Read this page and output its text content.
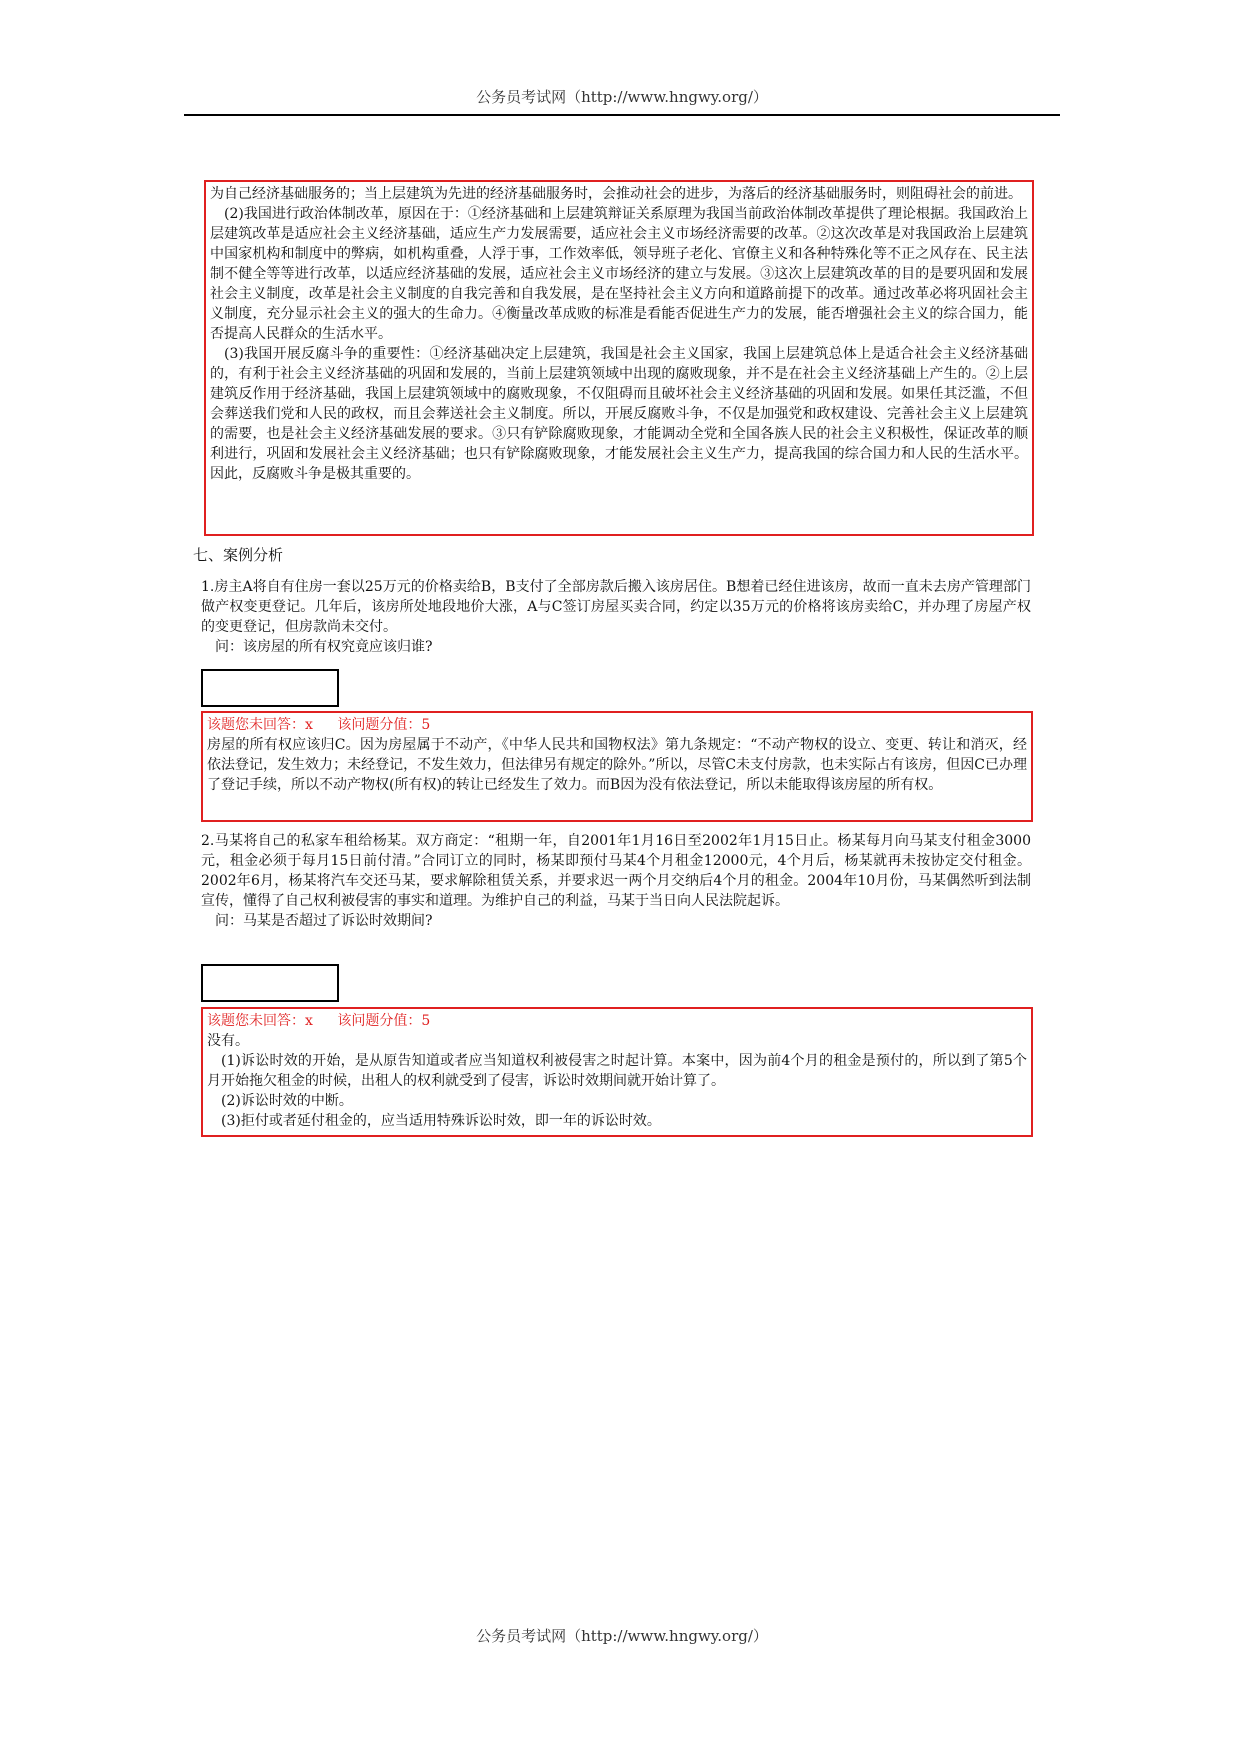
公务员考试网（http://www.hngwy.org/）

为自己经济基础服务的；当上层建筑为先进的经济基础服务时，会推动社会的进步，为落后的经济基础服务时，则阻碍社会的前进。

(2)我国进行政治体制改革，原因在于：①经济基础和上层建筑辩证关系原理为我国当前政治体制改革提供了理论根据。我国政治上层建筑改革是适应社会主义经济基础，适应生产力发展需要，适应社会主义市场经济需要的改革。②这次改革是对我国政治上层建筑中国家机构和制度中的弊病，如机构重叠，人浮于事，工作效率低，领导班子老化、官僚主义和各种特殊化等不正之风存在、民主法制不健全等等进行改革，以适应经济基础的发展，适应社会主义市场经济的建立与发展。③这次上层建筑改革的目的是要巩固和发展社会主义制度，改革是社会主义制度的自我完善和自我发展，是在坚持社会主义方向和道路前提下的改革。通过改革必将巩固社会主义制度，充分显示社会主义的强大的生命力。④衡量改革成败的标准是看能否促进生产力的发展，能否增强社会主义的综合国力，能否提高人民群众的生活水平。

(3)我国开展反腐斗争的重要性：①经济基础决定上层建筑，我国是社会主义国家，我国上层建筑总体上是适合社会主义经济基础的，有利于社会主义经济基础的巩固和发展的，当前上层建筑领域中出现的腐败现象，并不是在社会主义经济基础上产生的。②上层建筑反作用于经济基础，我国上层建筑领域中的腐败现象，不仅阻碍而且破坏社会主义经济基础的巩固和发展。如果任其泛滥，不但会葬送我们党和人民的政权，而且会葬送社会主义制度。所以，开展反腐败斗争，不仅是加强党和政权建设、完善社会主义上层建筑的需要，也是社会主义经济基础发展的要求。③只有铲除腐败现象，才能调动全党和全国各族人民的社会主义积极性，保证改革的顺利进行，巩固和发展社会主义经济基础；也只有铲除腐败现象，才能发展社会主义生产力，提高我国的综合国力和人民的生活水平。因此，反腐败斗争是极其重要的。

七、案例分析

1.房主A将自有住房一套以25万元的价格卖给B，B支付了全部房款后搬入该房居住。B想着已经住进该房，故而一直未去房产管理部门做产权变更登记。几年后，该房所处地段地价大涨，A与C签订房屋买卖合同，约定以35万元的价格将该房卖给C，并办理了房屋产权的变更登记，但房款尚未交付。

问：该房屋的所有权究竟应该归谁?

该题您未回答：x 该问题分值：5

房屋的所有权应该归C。因为房屋属于不动产，《中华人民共和国物权法》第九条规定：“不动产物权的设立、变更、转让和消灭，经依法登记，发生效力；未经登记，不发生效力，但法律另有规定的除外。”所以，尽管C未支付房款，也未实际占有该房，但因C已办理了登记手续，所以不动产物权(所有权)的转让已经发生了效力。而B因为没有依法登记，所以未能取得该房屋的所有权。

2.马某将自己的私家车租给杨某。双方商定：“租期一年，自2001年1月16日至2002年1月15日止。杨某每月向马某支付租金3000元，租金必须于每月15日前付清。”合同订立的同时，杨某即预付马某4个月租金12000元，4个月后，杨某就再未按协定交付租金。2002年6月，杨某将汽车交还马某，要求解除租赁关系，并要求迟一两个月交纳后4个月的租金。2004年10月份，马某偶然听到法制宣传，懂得了自己权利被侵害的事实和道理。为维护自己的利益，马某于当日向人民法院起诉。

问：马某是否超过了诉讼时效期间?

该题您未回答：x 该问题分值：5

没有。

(1)诉讼时效的开始，是从原告知道或者应当知道权利被侵害之时起计算。本案中，因为前4个月的租金是预付的，所以到了第5个月开始拖欠租金的时候，出租人的权利就受到了侵害，诉讼时效期间就开始计算了。

(2)诉讼时效的中断。

(3)拒付或者延付租金的，应当适用特殊诉讼时效，即一年的诉讼时效。

公务员考试网（http://www.hngwy.org/）
